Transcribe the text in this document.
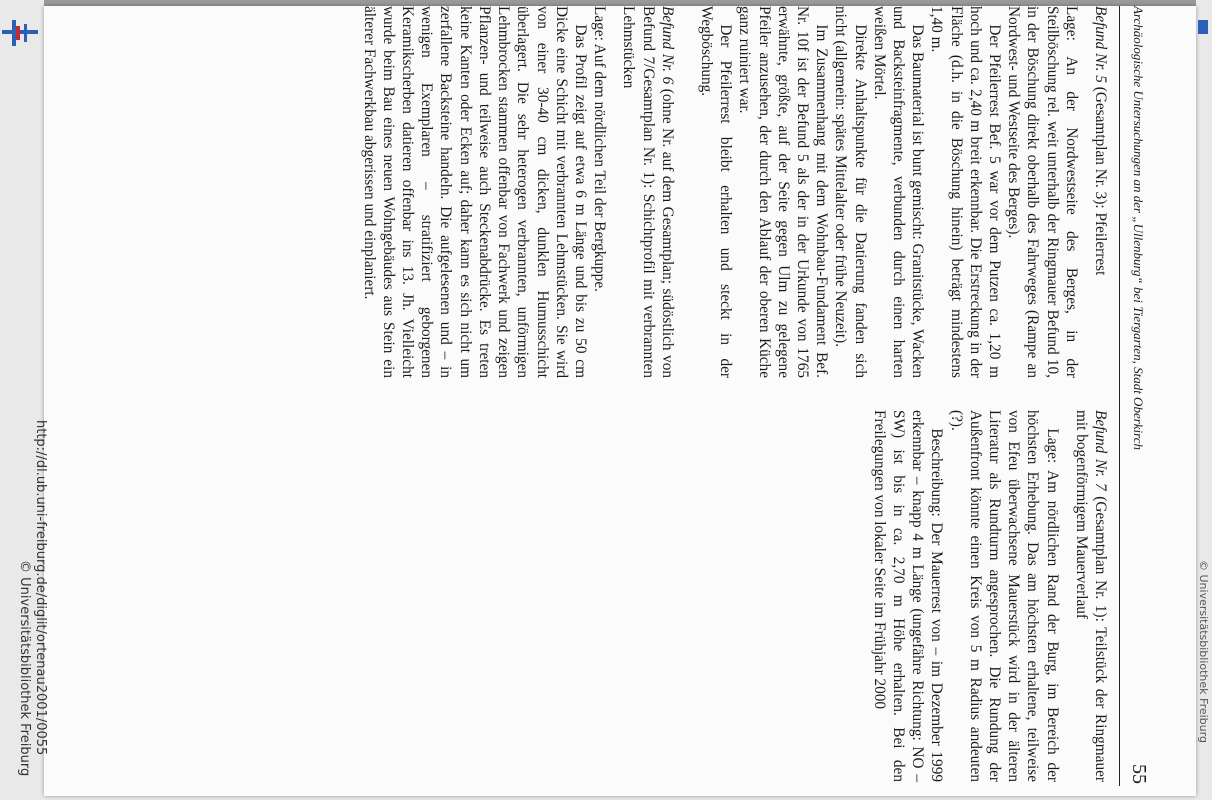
http://dl.ub.uni-freiburg.de/diglit/ortenau2001/0055
© Universitätsbibliothek Freiburg	© Universitätsbibliothek Freiburg
Archäologische Untersuchungen an der „Ullenburg“ bei Tiergarten, Stadt Oberkirch
55
Befund Nr. 5 (Gesamtplan Nr. 3): Pfeilerrest

Lage: An der Nordwestseite des Berges, in der Steilböschung rel. weit unterhalb der Ringmauer Befund 10, in der Böschung direkt oberhalb des Fahrweges (Rampe an Nordwest- und Westseite des Berges).

Der Pfeilerrest Bef. 5 war vor dem Putzen ca. 1,20 m hoch und ca. 2,40 m breit erkennbar. Die Erstreckung in der Fläche (d.h. in die Böschung hinein) beträgt mindestens 1,40 m.

Das Baumaterial ist bunt gemischt: Granitstücke, Wacken und Backsteinfragmente, verbunden durch einen harten weißen Mörtel.

Direkte Anhaltspunkte für die Datierung fanden sich nicht (allgemein: spätes Mittelalter oder frühe Neuzeit).

Im Zusammenhang mit dem Wohnbau-Fundament Bef. Nr. 10f ist der Befund 5 als der in der Urkunde von 1765 erwähnte, größte, auf der Seite gegen Ulm zu gelegene Pfeiler anzusehen, der durch den Ablauf der oberen Küche ganz ruiniert war.

Der Pfeilerrest bleibt erhalten und steckt in der Wegböschung.

Befund Nr. 6 (ohne Nr. auf dem Gesamtplan; südöstlich von Befund 7/Gesamtplan Nr. 1): Schichtprofil mit verbrannten Lehmstücken

Lage: Auf dem nördlichen Teil der Bergkuppe.

Das Profil zeigt auf etwa 6 m Länge und bis zu 50 cm Dicke eine Schicht mit verbrannten Lehmstücken. Sie wird von einer 30-40 cm dicken, dunklen Humusschicht überlagert. Die sehr heterogen verbrannten, unförmigen Lehmbrocken stammen offenbar von Fachwerk und zeigen Pflanzen- und teilweise auch Steckenabdrücke. Es treten keine Kanten oder Ecken auf; daher kann es sich nicht um zerfallene Backsteine handeln. Die aufgelesenen und – in wenigen Exemplaren – stratifiziert geborgenen Keramikscherben datieren offenbar ins 13. Jh. Vielleicht wurde beim Bau eines neuen Wohngebäudes aus Stein ein älterer Fachwerkbau abgerissen und einplaniert.

Befund Nr. 7 (Gesamtplan Nr. 1): Teilstück der Ringmauer mit bogenförmigem Mauerverlauf

Lage: Am nördlichen Rand der Burg, im Bereich der höchsten Erhebung. Das am höchsten erhaltene, teilweise von Efeu überwachsene Mauerstück wird in der älteren Literatur als Rundturm angesprochen. Die Rundung der Außenfront könnte einen Kreis von 5 m Radius andeuten (?).

Beschreibung: Der Mauerrest von – im Dezember 1999 erkennbar – knapp 4 m Länge (ungefähre Richtung: NO – SW) ist bis in ca. 2,70 m Höhe erhalten. Bei den Freilegungen von lokaler Seite im Frühjahr 2000
